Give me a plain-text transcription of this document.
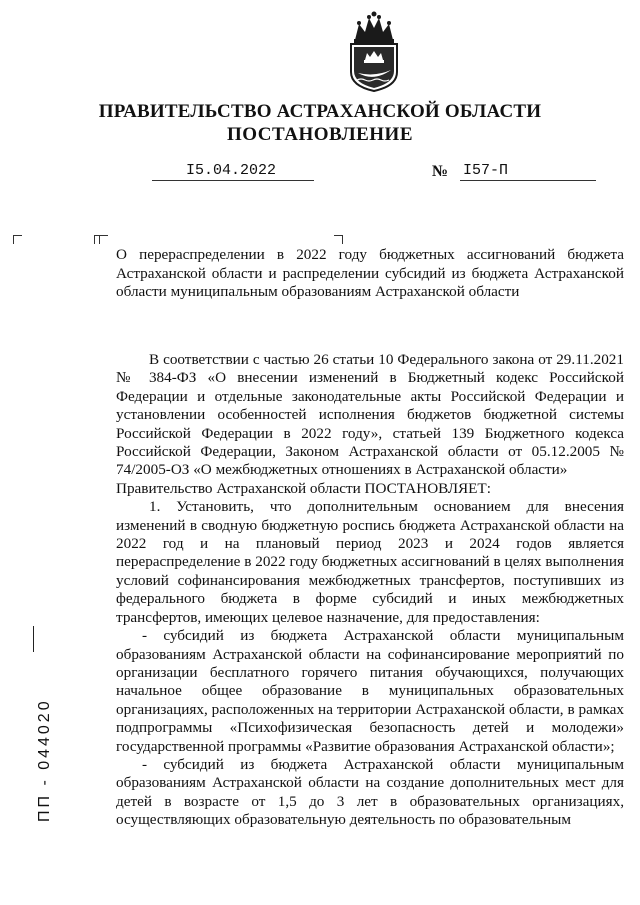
ПРАВИТЕЛЬСТВО АСТРАХАНСКОЙ ОБЛАСТИ
ПОСТАНОВЛЕНИЕ
I5.04.2022	№ I57-П
О перераспределении в 2022 году бюджетных ассигнований бюджета Астраханской области и распределении субсидий из бюджета Астраханской области муниципальным образованиям Астраханской области

В соответствии с частью 26 статьи 10 Федерального закона от 29.11.2021 № 384-ФЗ «О внесении изменений в Бюджетный кодекс Российской Федерации и отдельные законодательные акты Российской Федерации и установлении особенностей исполнения бюджетов бюджетной системы Российской Федерации в 2022 году», статьей 139 Бюджетного кодекса Российской Федерации, Законом Астраханской области от 05.12.2005 № 74/2005-ОЗ «О межбюджетных отношениях в Астраханской области»

Правительство Астраханской области ПОСТАНОВЛЯЕТ:

1. Установить, что дополнительным основанием для внесения изменений в сводную бюджетную роспись бюджета Астраханской области на 2022 год и на плановый период 2023 и 2024 годов является перераспределение в 2022 году бюджетных ассигнований в целях выполнения условий софинансирования межбюджетных трансфертов, поступивших из федерального бюджета в форме субсидий и иных межбюджетных трансфертов, имеющих целевое назначение, для предоставления:

- субсидий из бюджета Астраханской области муниципальным образованиям Астраханской области на софинансирование мероприятий по организации бесплатного горячего питания обучающихся, получающих начальное общее образование в муниципальных образовательных организациях, расположенных на территории Астраханской области, в рамках подпрограммы «Психофизическая безопасность детей и молодежи» государственной программы «Развитие образования Астраханской области»;

- субсидий из бюджета Астраханской области муниципальным образованиям Астраханской области на создание дополнительных мест для детей в возрасте от 1,5 до 3 лет в образовательных организациях, осуществляющих образовательную деятельность по образовательным

ПП - 044020
